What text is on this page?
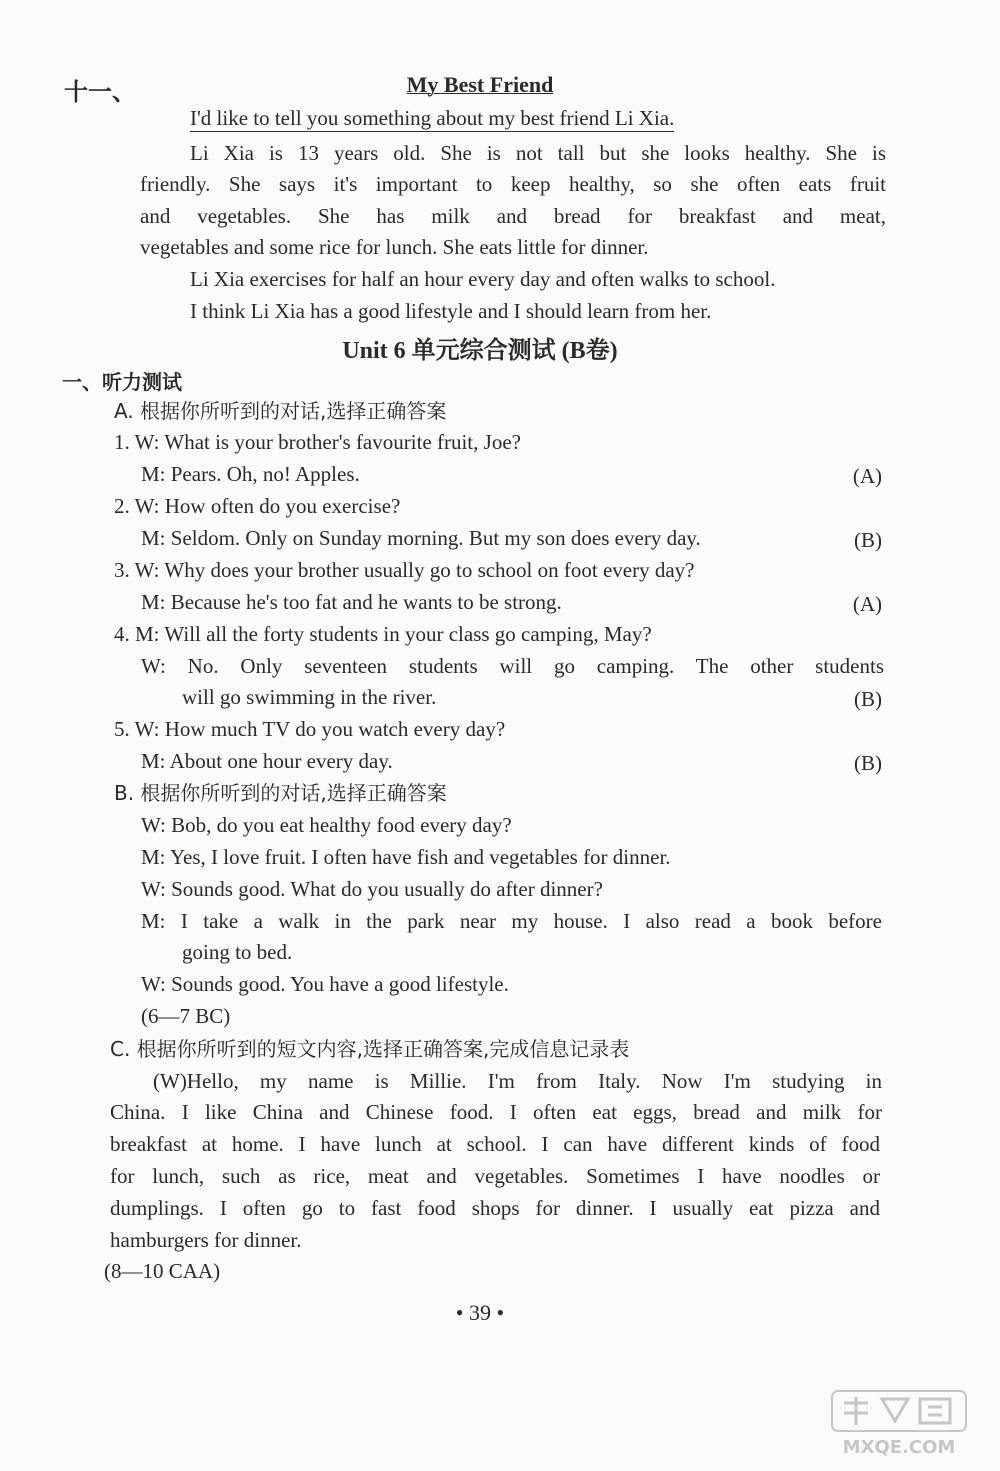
十一、	My Best Friend
I'd like to tell you something about my best friend Li Xia.
Li Xia is 13 years old. She is not tall but she looks healthy. She is
friendly. She says it's important to keep healthy, so she often eats fruit
and vegetables. She has milk and bread for breakfast and meat,
vegetables and some rice for lunch. She eats little for dinner.
Li Xia exercises for half an hour every day and often walks to school.
I think Li Xia has a good lifestyle and I should learn from her.
Unit 6 单元综合测试 (B卷)
一、听力测试
A. 根据你所听到的对话,选择正确答案
1. W: What is your brother's favourite fruit, Joe?
M: Pears. Oh, no! Apples.	(A)
2. W: How often do you exercise?
M: Seldom. Only on Sunday morning. But my son does every day.	(B)
3. W: Why does your brother usually go to school on foot every day?
M: Because he's too fat and he wants to be strong.	(A)
4. M: Will all the forty students in your class go camping, May?
W: No. Only seventeen students will go camping. The other students
will go swimming in the river.	(B)
5. W: How much TV do you watch every day?
M: About one hour every day.	(B)
B. 根据你所听到的对话,选择正确答案
W: Bob, do you eat healthy food every day?
M: Yes, I love fruit. I often have fish and vegetables for dinner.
W: Sounds good. What do you usually do after dinner?
M: I take a walk in the park near my house. I also read a book before
going to bed.
W: Sounds good. You have a good lifestyle.
(6—7 BC)
C. 根据你所听到的短文内容,选择正确答案,完成信息记录表
(W)Hello, my name is Millie. I'm from Italy. Now I'm studying in
China. I like China and Chinese food. I often eat eggs, bread and milk for
breakfast at home. I have lunch at school. I can have different kinds of food
for lunch, such as rice, meat and vegetables. Sometimes I have noodles or
dumplings. I often go to fast food shops for dinner. I usually eat pizza and
hamburgers for dinner.
(8—10 CAA)
• 39 •
MXQE.COM
